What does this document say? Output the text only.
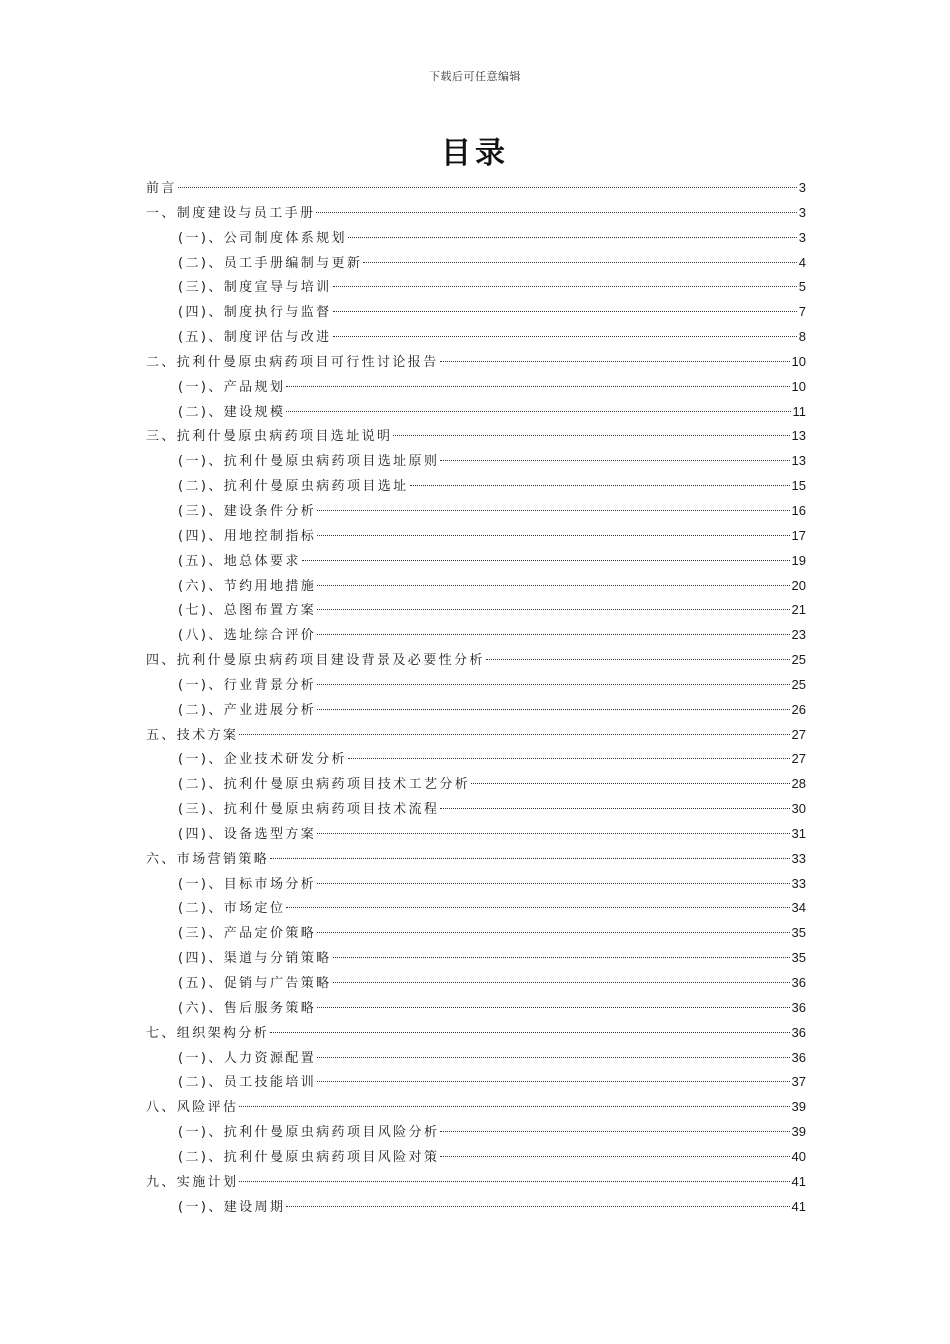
下载后可任意编辑
目录
前言	3
一、制度建设与员工手册	3
(一)、公司制度体系规划	3
(二)、员工手册编制与更新	4
(三)、制度宣导与培训	5
(四)、制度执行与监督	7
(五)、制度评估与改进	8
二、抗利什曼原虫病药项目可行性讨论报告	10
(一)、产品规划	10
(二)、建设规模	11
三、抗利什曼原虫病药项目选址说明	13
(一)、抗利什曼原虫病药项目选址原则	13
(二)、抗利什曼原虫病药项目选址	15
(三)、建设条件分析	16
(四)、用地控制指标	17
(五)、地总体要求	19
(六)、节约用地措施	20
(七)、总图布置方案	21
(八)、选址综合评价	23
四、抗利什曼原虫病药项目建设背景及必要性分析	25
(一)、行业背景分析	25
(二)、产业进展分析	26
五、技术方案	27
(一)、企业技术研发分析	27
(二)、抗利什曼原虫病药项目技术工艺分析	28
(三)、抗利什曼原虫病药项目技术流程	30
(四)、设备选型方案	31
六、市场营销策略	33
(一)、目标市场分析	33
(二)、市场定位	34
(三)、产品定价策略	35
(四)、渠道与分销策略	35
(五)、促销与广告策略	36
(六)、售后服务策略	36
七、组织架构分析	36
(一)、人力资源配置	36
(二)、员工技能培训	37
八、风险评估	39
(一)、抗利什曼原虫病药项目风险分析	39
(二)、抗利什曼原虫病药项目风险对策	40
九、实施计划	41
(一)、建设周期	41
